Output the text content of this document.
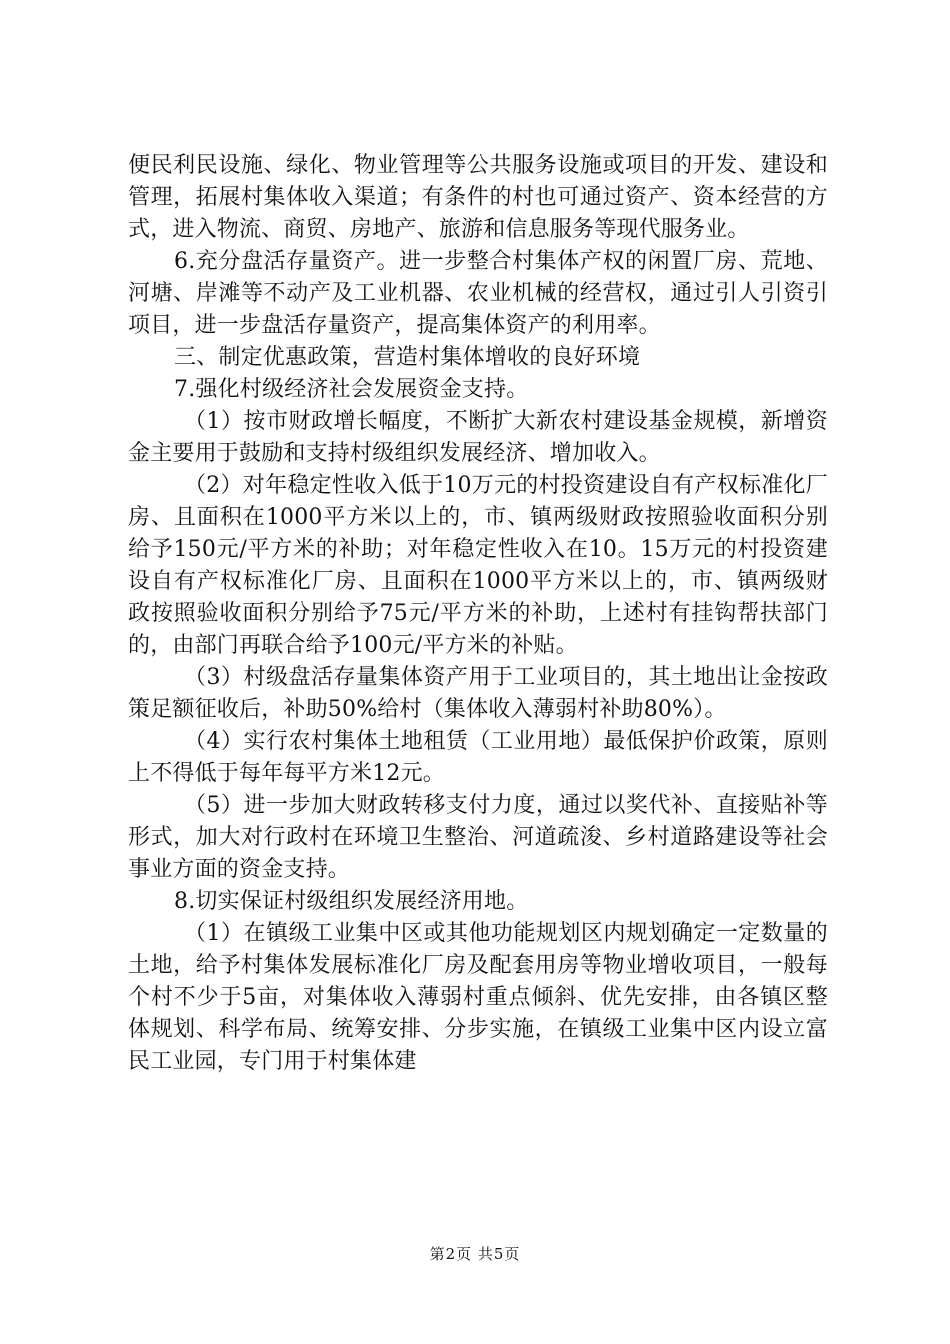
便民利民设施、绿化、物业管理等公共服务设施或项目的开发、建设和管理，拓展村集体收入渠道；有条件的村也可通过资产、资本经营的方式，进入物流、商贸、房地产、旅游和信息服务等现代服务业。

6.充分盘活存量资产。进一步整合村集体产权的闲置厂房、荒地、河塘、岸滩等不动产及工业机器、农业机械的经营权，通过引人引资引项目，进一步盘活存量资产，提高集体资产的利用率。

三、制定优惠政策，营造村集体增收的良好环境

7.强化村级经济社会发展资金支持。

（1）按市财政增长幅度，不断扩大新农村建设基金规模，新增资金主要用于鼓励和支持村级组织发展经济、增加收入。

（2）对年稳定性收入低于10万元的村投资建设自有产权标准化厂房、且面积在1000平方米以上的，市、镇两级财政按照验收面积分别给予150元/平方米的补助；对年稳定性收入在10。15万元的村投资建设自有产权标准化厂房、且面积在1000平方米以上的，市、镇两级财政按照验收面积分别给予75元/平方米的补助，上述村有挂钩帮扶部门的，由部门再联合给予100元/平方米的补贴。

（3）村级盘活存量集体资产用于工业项目的，其土地出让金按政策足额征收后，补助50%给村（集体收入薄弱村补助80%）。

（4）实行农村集体土地租赁（工业用地）最低保护价政策，原则上不得低于每年每平方米12元。

（5）进一步加大财政转移支付力度，通过以奖代补、直接贴补等形式，加大对行政村在环境卫生整治、河道疏浚、乡村道路建设等社会事业方面的资金支持。

8.切实保证村级组织发展经济用地。

（1）在镇级工业集中区或其他功能规划区内规划确定一定数量的土地，给予村集体发展标准化厂房及配套用房等物业增收项目，一般每个村不少于5亩，对集体收入薄弱村重点倾斜、优先安排，由各镇区整体规划、科学布局、统筹安排、分步实施，在镇级工业集中区内设立富民工业园，专门用于村集体建

第2页 共5页
